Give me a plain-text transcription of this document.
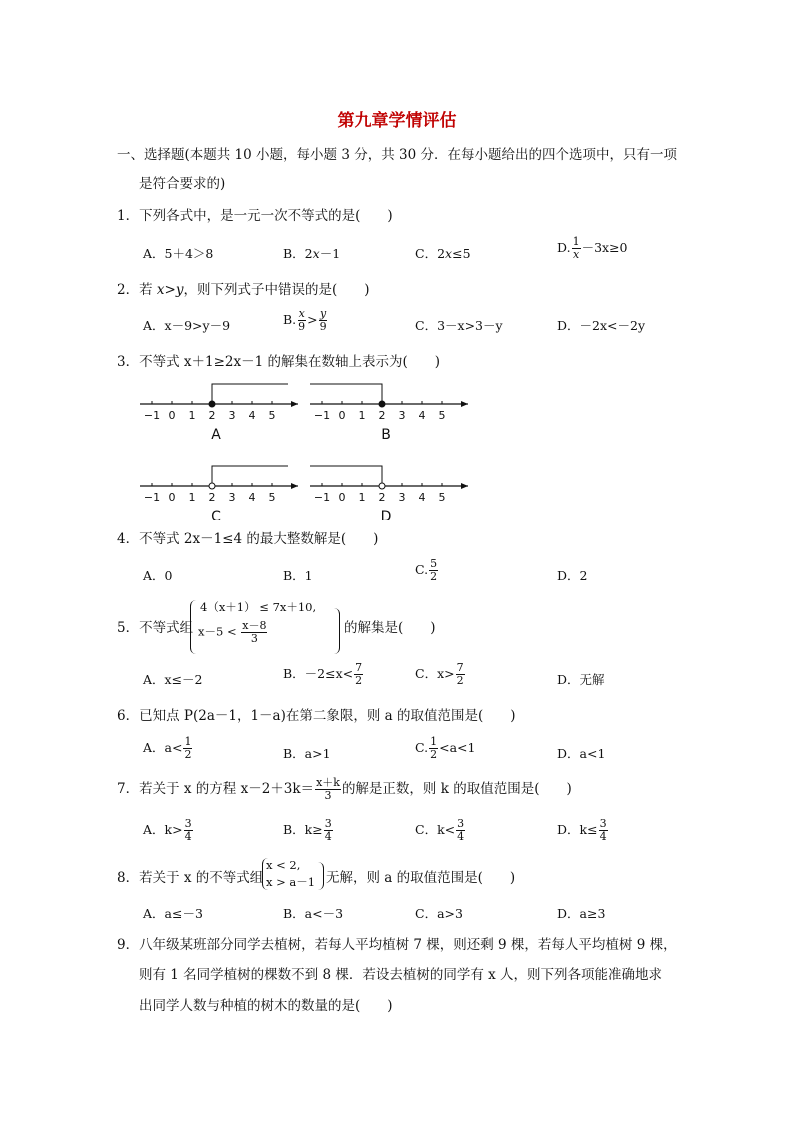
第九章学情评估
一、选择题(本题共 10 小题，每小题 3 分，共 30 分．在每小题给出的四个选项中，只有一项
是符合要求的)
1．下列各式中，是一元一次不等式的是(　　)
A．5＋4＞8	B．2x－1	C．2x≤5	D. $\frac{1}{x} -3x\ge 0$
2．若 x>y，则下列式子中错误的是(　　)
A．x－9>y－9	B. $\frac{x}{9} > \frac{y}{9}$	C．3－x>3－y	D．－2x<－2y
3．不等式 x＋1≥2x－1 的解集在数轴上表示为(　　)
−1 0 1 2 3 4 5
A
−1 0 1 2 3 4 5
B
−1 0 1 2 3 4 5
C
−1 0 1 2 3 4 5
D
4．不等式 2x－1≤4 的最大整数解是(　　)
A．0	B．1	C. $\frac{5}{2}$	D．2
5．不等式组
4（x＋1） ≤ 7x＋10,
$x-5 < \frac{x-8}{3}$	的解集是(　　)
A．x≤－2	B．$-2\le x< \frac{7}{2}$	C．$x> \frac{7}{2}$	D．无解
6．已知点 P(2a－1，1－a)在第二象限，则 a 的取值范围是(　　)
A．$a< \frac{1}{2}$	B．a>1	C. $\frac{1}{2} <a<1$	D．a<1
7．若关于 x 的方程 $x-2+3k= \frac{x+k}{3}$ 的解是正数，则 k 的取值范围是(　　)
A．$k> \frac{3}{4}$	B．$k\ge \frac{3}{4}$	C．$k< \frac{3}{4}$	D．$k\le \frac{3}{4}$
8．若关于 x 的不等式组
x < 2,
x > a－1 无解，则 a 的取值范围是(　　)
A．a≤－3	B．a<－3	C．a>3	D．a≥3
9．八年级某班部分同学去植树，若每人平均植树 7 棵，则还剩 9 棵，若每人平均植树 9 棵，
则有 1 名同学植树的棵数不到 8 棵．若设去植树的同学有 x 人，则下列各项能准确地求
出同学人数与种植的树木的数量的是(　　)
